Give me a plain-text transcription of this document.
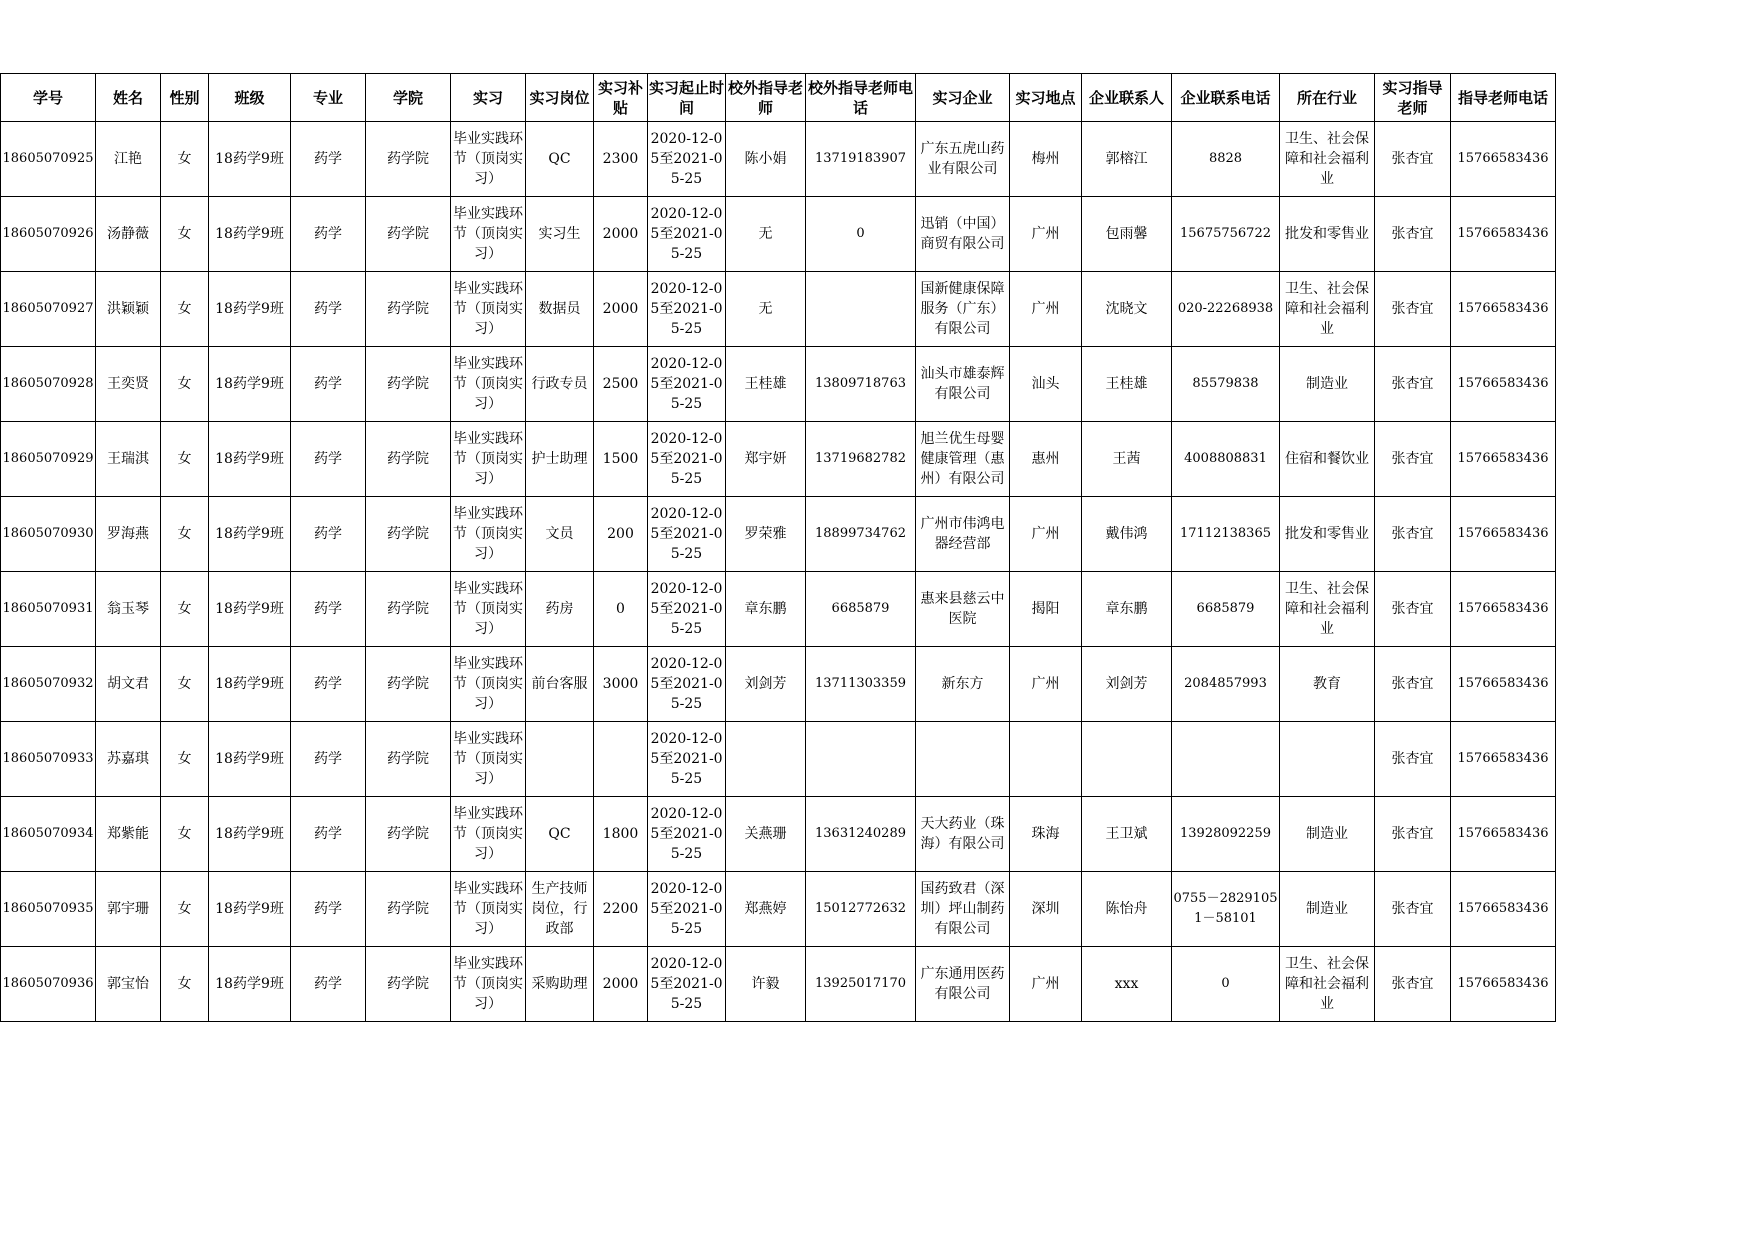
学号	姓名	性别	班级	专业	学院	实习	实习岗位	实习补贴	实习起止时间	校外指导老师	校外指导老师电话	实习企业	实习地点	企业联系人	企业联系电话	所在行业	实习指导老师	指导老师电话

18605070925	江艳	女	18药学9班	药学	药学院	毕业实践环节（顶岗实习）	QC	2300	2020-12-05至2021-05-25	陈小娟	13719183907	广东五虎山药业有限公司	梅州	郭榕江	8828	卫生、社会保障和社会福利业	张杏宜	15766583436

18605070926	汤静薇	女	18药学9班	药学	药学院	毕业实践环节（顶岗实习）	实习生	2000	2020-12-05至2021-05-25	无	0	迅销（中国）商贸有限公司	广州	包雨馨	15675756722	批发和零售业	张杏宜	15766583436

18605070927	洪颖颖	女	18药学9班	药学	药学院	毕业实践环节（顶岗实习）	数据员	2000	2020-12-05至2021-05-25	无		国新健康保障服务（广东）有限公司	广州	沈晓文	020-22268938	卫生、社会保障和社会福利业	张杏宜	15766583436

18605070928	王奕贤	女	18药学9班	药学	药学院	毕业实践环节（顶岗实习）	行政专员	2500	2020-12-05至2021-05-25	王桂雄	13809718763	汕头市雄泰辉有限公司	汕头	王桂雄	85579838	制造业	张杏宜	15766583436

18605070929	王瑞淇	女	18药学9班	药学	药学院	毕业实践环节（顶岗实习）	护士助理	1500	2020-12-05至2021-05-25	郑宇妍	13719682782	旭兰优生母婴健康管理（惠州）有限公司	惠州	王茜	4008808831	住宿和餐饮业	张杏宜	15766583436

18605070930	罗海燕	女	18药学9班	药学	药学院	毕业实践环节（顶岗实习）	文员	200	2020-12-05至2021-05-25	罗荣雅	18899734762	广州市伟鸿电器经营部	广州	戴伟鸿	17112138365	批发和零售业	张杏宜	15766583436

18605070931	翁玉琴	女	18药学9班	药学	药学院	毕业实践环节（顶岗实习）	药房	0	2020-12-05至2021-05-25	章东鹏	6685879	惠来县慈云中医院	揭阳	章东鹏	6685879	卫生、社会保障和社会福利业	张杏宜	15766583436

18605070932	胡文君	女	18药学9班	药学	药学院	毕业实践环节（顶岗实习）	前台客服	3000	2020-12-05至2021-05-25	刘剑芳	13711303359	新东方	广州	刘剑芳	2084857993	教育	张杏宜	15766583436

18605070933	苏嘉琪	女	18药学9班	药学	药学院	毕业实践环节（顶岗实习）			2020-12-05至2021-05-25								张杏宜	15766583436

18605070934	郑紫能	女	18药学9班	药学	药学院	毕业实践环节（顶岗实习）	QC	1800	2020-12-05至2021-05-25	关燕珊	13631240289	天大药业（珠海）有限公司	珠海	王卫斌	13928092259	制造业	张杏宜	15766583436

18605070935	郭宇珊	女	18药学9班	药学	药学院	毕业实践环节（顶岗实习）	生产技师岗位，行政部	2200	2020-12-05至2021-05-25	郑燕婷	15012772632	国药致君（深圳）坪山制药有限公司	深圳	陈怡舟	0755－28291051－58101	制造业	张杏宜	15766583436

18605070936	郭宝怡	女	18药学9班	药学	药学院	毕业实践环节（顶岗实习）	采购助理	2000	2020-12-05至2021-05-25	许毅	13925017170	广东通用医药有限公司	广州	xxx	0	卫生、社会保障和社会福利业	张杏宜	15766583436
